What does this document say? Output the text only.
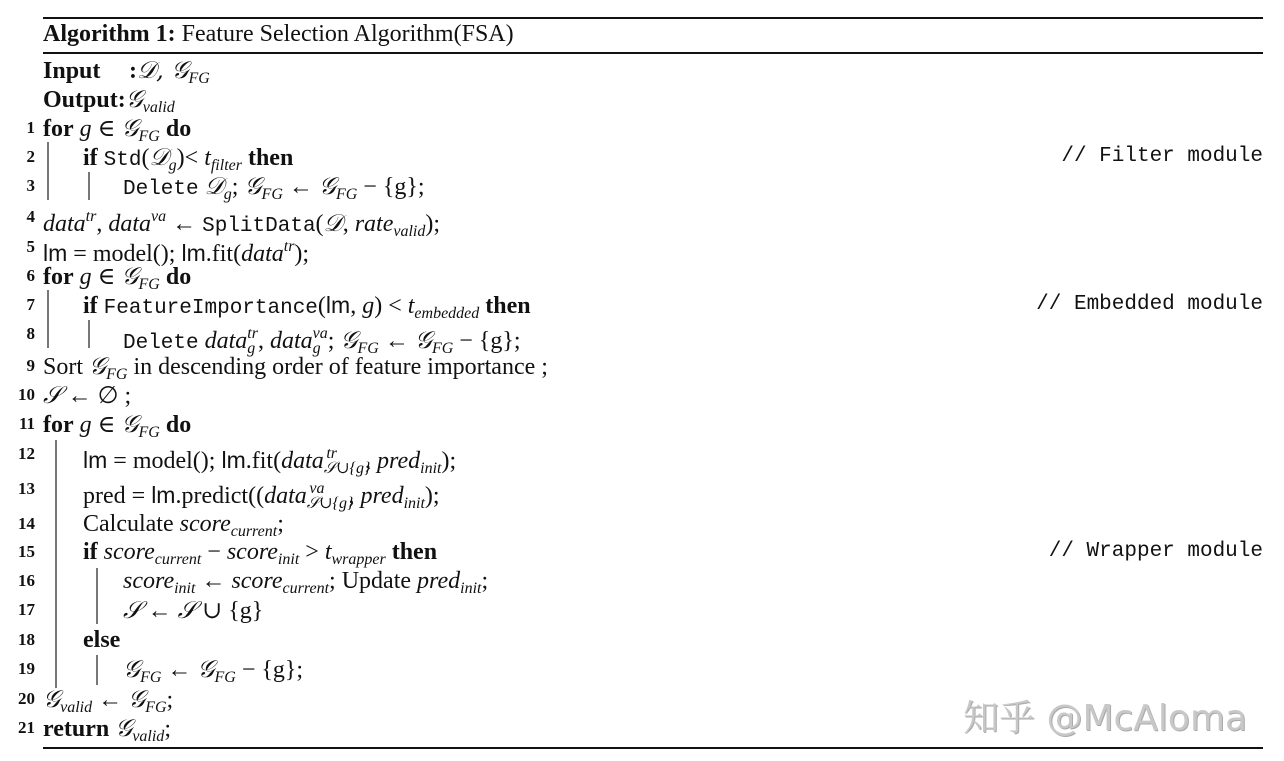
Algorithm 1: Feature Selection Algorithm(FSA)
Input :𝒟, 𝒢$_{FG}$
Output:𝒢$_{valid}$
1 for g ∈ 𝒢$_{FG}$ do
2 if Std(𝒟$_g$)< $t_{filter}$ then	// Filter module
3	Delete 𝒟$_g$; 𝒢$_{FG}$ ← 𝒢$_{FG}$ − {g};
4 data$^{tr}$, data$^{va}$ ← SplitData(𝒟, rate$_{valid}$);
5 lm = model(); lm.fit(data$^{tr}$);
6 for g ∈ 𝒢$_{FG}$ do
7 if FeatureImportance(lm, $g) < t_{embedded}$ then	// Embedded module
8	Delete data$_g^{tr}$, data$_g^{va}$; 𝒢$_{FG}$ ← 𝒢$_{FG}$ − {g};
9 Sort 𝒢$_{FG}$ in descending order of feature importance ;
10 𝒮 ← ∅ ;
11 for g ∈ 𝒢$_{FG}$ do
12 lm = model(); lm.fit(data$_{𝒮\cup\{g\}}^{tr}$ , pred$_{init}$);
13 pred = lm.predict((data$_{𝒮\cup\{g\}}^{va}$ , pred$_{init}$);
14 Calculate score$_{current}$;
15 if score$_{current}$ − score$_{init}$ > $t_{wrapper}$ then	// Wrapper module
16	score$_{init}$ ← score$_{current}$; Update pred$_{init}$;
17	𝒮 ← 𝒮 ∪ {g}
18 else
19	𝒢$_{FG}$ ← 𝒢$_{FG}$ − {g};
20 𝒢$_{valid}$ ← 𝒢$_{FG}$;
21 return 𝒢$_{valid}$;	知乎 @McAloma
